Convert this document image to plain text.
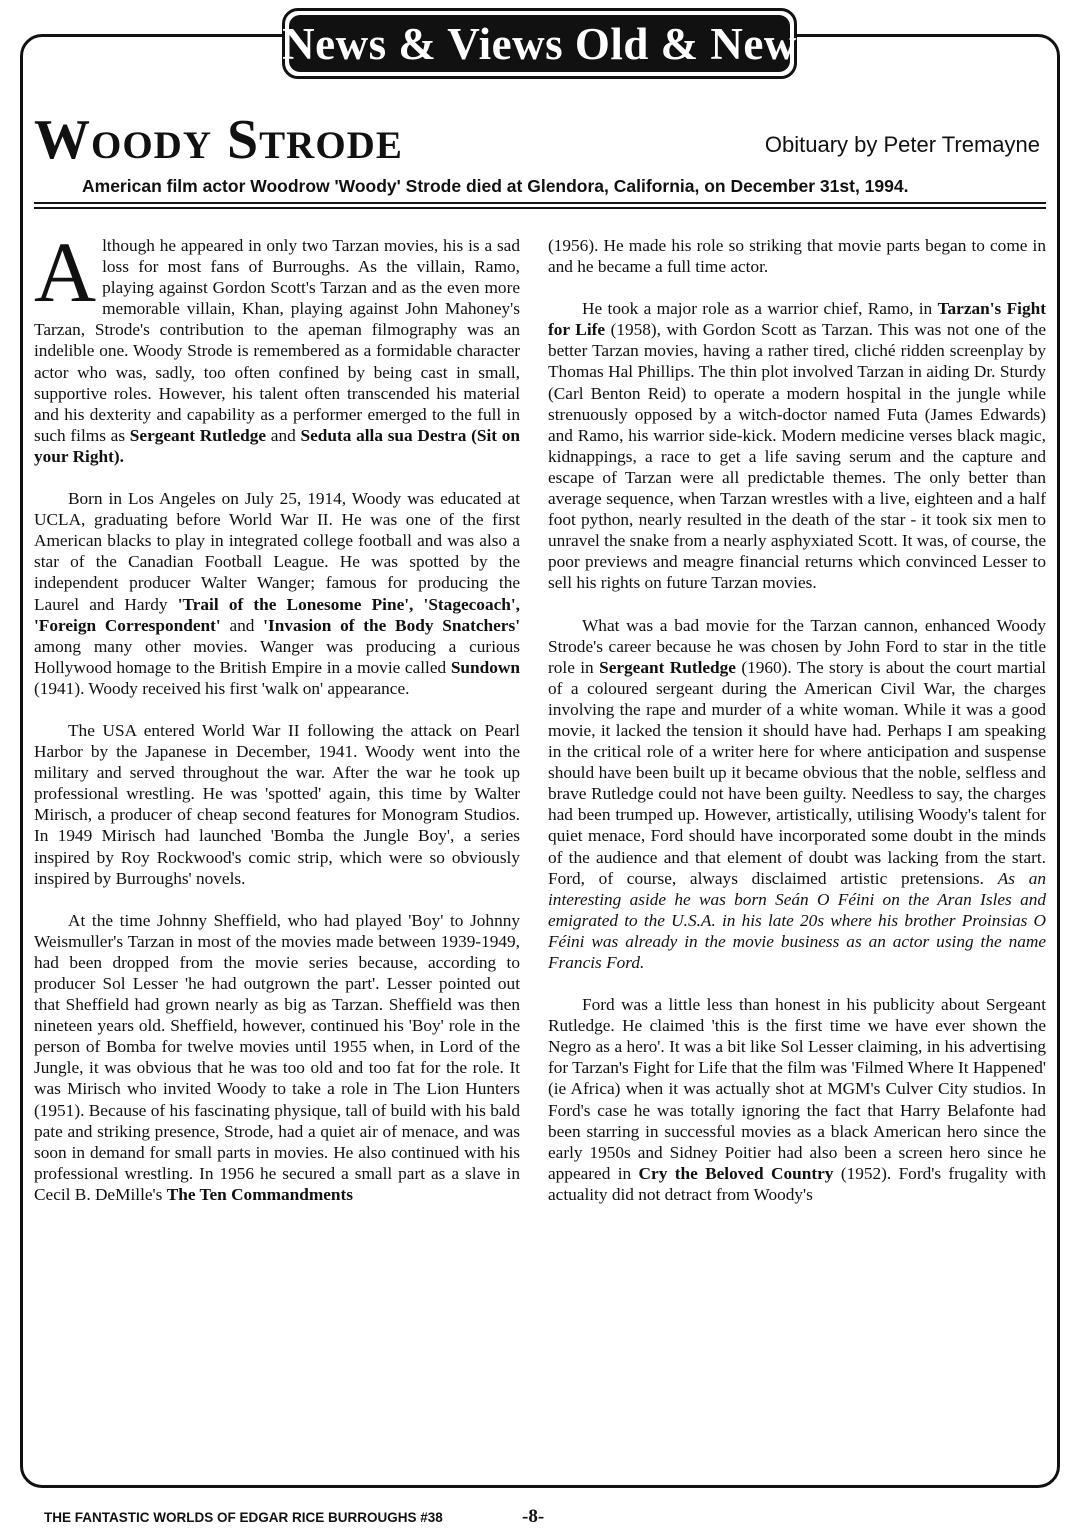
News & Views Old & New
Woody Strode	Obituary by Peter Tremayne
American film actor Woodrow 'Woody' Strode died at Glendora, California, on December 31st, 1994.

Although he appeared in only two Tarzan movies, his is a sad loss for most fans of Burroughs. As the villain, Ramo, playing against Gordon Scott's Tarzan and as the even more memorable villain, Khan, playing against John Mahoney's Tarzan, Strode's contribution to the apeman filmography was an indelible one. Woody Strode is remembered as a formidable character actor who was, sadly, too often confined by being cast in small, supportive roles. However, his talent often transcended his material and his dexterity and capability as a performer emerged to the full in such films as Sergeant Rutledge and Seduta alla sua Destra (Sit on your Right).

Born in Los Angeles on July 25, 1914, Woody was educated at UCLA, graduating before World War II. He was one of the first American blacks to play in integrated college football and was also a star of the Canadian Football League. He was spotted by the independent producer Walter Wanger; famous for producing the Laurel and Hardy 'Trail of the Lonesome Pine', 'Stagecoach', 'Foreign Correspondent' and 'Invasion of the Body Snatchers' among many other movies. Wanger was producing a curious Hollywood homage to the British Empire in a movie called Sundown (1941). Woody received his first 'walk on' appearance.

The USA entered World War II following the attack on Pearl Harbor by the Japanese in December, 1941. Woody went into the military and served throughout the war. After the war he took up professional wrestling. He was 'spotted' again, this time by Walter Mirisch, a producer of cheap second features for Monogram Studios. In 1949 Mirisch had launched 'Bomba the Jungle Boy', a series inspired by Roy Rockwood's comic strip, which were so obviously inspired by Burroughs' novels.

At the time Johnny Sheffield, who had played 'Boy' to Johnny Weismuller's Tarzan in most of the movies made between 1939-1949, had been dropped from the movie series because, according to producer Sol Lesser 'he had outgrown the part'. Lesser pointed out that Sheffield had grown nearly as big as Tarzan. Sheffield was then nineteen years old. Sheffield, however, continued his 'Boy' role in the person of Bomba for twelve movies until 1955 when, in Lord of the Jungle, it was obvious that he was too old and too fat for the role. It was Mirisch who invited Woody to take a role in The Lion Hunters (1951). Because of his fascinating physique, tall of build with his bald pate and striking presence, Strode, had a quiet air of menace, and was soon in demand for small parts in movies. He also continued with his professional wrestling. In 1956 he secured a small part as a slave in Cecil B. DeMille's The Ten Commandments

(1956). He made his role so striking that movie parts began to come in and he became a full time actor.

He took a major role as a warrior chief, Ramo, in Tarzan's Fight for Life (1958), with Gordon Scott as Tarzan. This was not one of the better Tarzan movies, having a rather tired, cliché ridden screenplay by Thomas Hal Phillips. The thin plot involved Tarzan in aiding Dr. Sturdy (Carl Benton Reid) to operate a modern hospital in the jungle while strenuously opposed by a witch-doctor named Futa (James Edwards) and Ramo, his warrior side-kick. Modern medicine verses black magic, kidnappings, a race to get a life saving serum and the capture and escape of Tarzan were all predictable themes. The only better than average sequence, when Tarzan wrestles with a live, eighteen and a half foot python, nearly resulted in the death of the star - it took six men to unravel the snake from a nearly asphyxiated Scott. It was, of course, the poor previews and meagre financial returns which convinced Lesser to sell his rights on future Tarzan movies.

What was a bad movie for the Tarzan cannon, enhanced Woody Strode's career because he was chosen by John Ford to star in the title role in Sergeant Rutledge (1960). The story is about the court martial of a coloured sergeant during the American Civil War, the charges involving the rape and murder of a white woman. While it was a good movie, it lacked the tension it should have had. Perhaps I am speaking in the critical role of a writer here for where anticipation and suspense should have been built up it became obvious that the noble, selfless and brave Rutledge could not have been guilty. Needless to say, the charges had been trumped up. However, artistically, utilising Woody's talent for quiet menace, Ford should have incorporated some doubt in the minds of the audience and that element of doubt was lacking from the start. Ford, of course, always disclaimed artistic pretensions. As an interesting aside he was born Seán O Féini on the Aran Isles and emigrated to the U.S.A. in his late 20s where his brother Proinsias O Féini was already in the movie business as an actor using the name Francis Ford.

Ford was a little less than honest in his publicity about Sergeant Rutledge. He claimed 'this is the first time we have ever shown the Negro as a hero'. It was a bit like Sol Lesser claiming, in his advertising for Tarzan's Fight for Life that the film was 'Filmed Where It Happened' (ie Africa) when it was actually shot at MGM's Culver City studios. In Ford's case he was totally ignoring the fact that Harry Belafonte had been starring in successful movies as a black American hero since the early 1950s and Sidney Poitier had also been a screen hero since he appeared in Cry the Beloved Country (1952). Ford's frugality with actuality did not detract from Woody's

THE FANTASTIC WORLDS OF EDGAR RICE BURROUGHS #38	-8-
